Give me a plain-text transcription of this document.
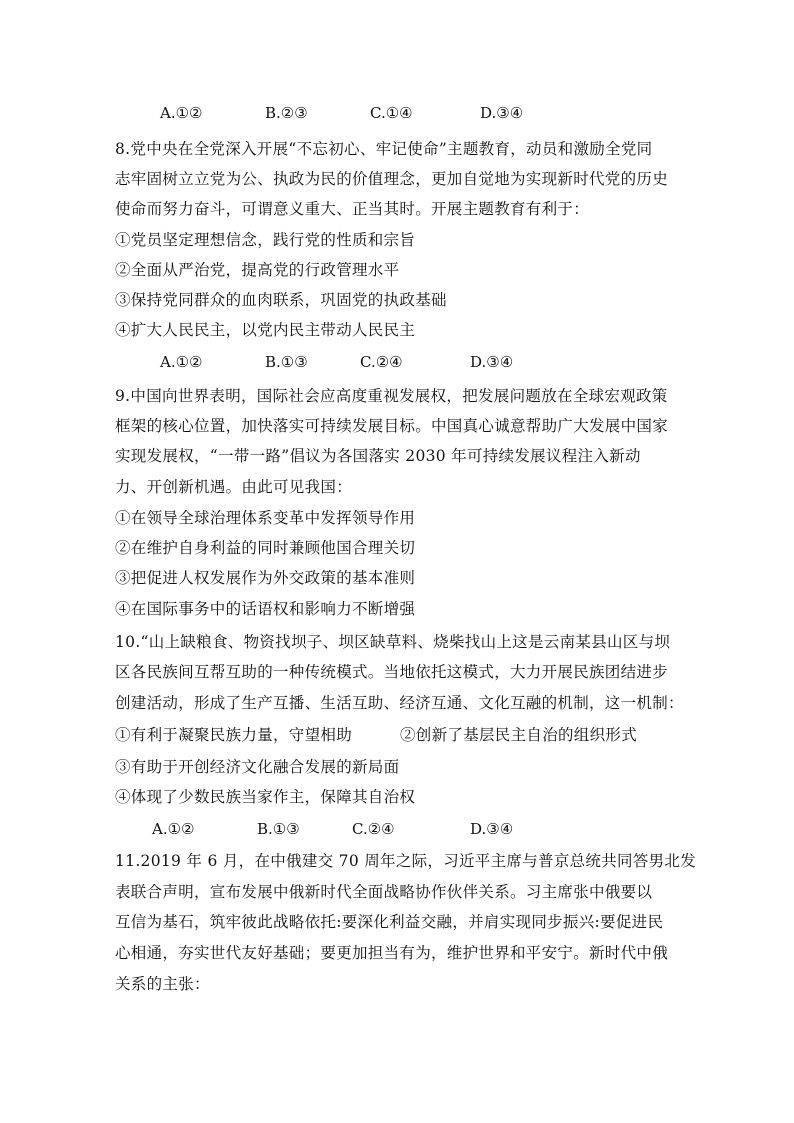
A.①②	B.②③	C.①④	D.③④
8.党中央在全党深入开展“不忘初心、牢记使命”主题教育，动员和激励全党同
志牢固树立立党为公、执政为民的价值理念，更加自觉地为实现新时代党的历史
使命而努力奋斗，可谓意义重大、正当其时。开展主题教育有利于：
①党员坚定理想信念，践行党的性质和宗旨
②全面从严治党，提高党的行政管理水平
③保持党同群众的血肉联系，巩固党的执政基础
④扩大人民民主，以党内民主带动人民民主
A.①②	B.①③	C.②④	D.③④
9.中国向世界表明，国际社会应高度重视发展权，把发展问题放在全球宏观政策
框架的核心位置，加快落实可持续发展目标。中国真心诚意帮助广大发展中国家
实现发展权，“一带一路”倡议为各国落实 2030 年可持续发展议程注入新动
力、开创新机遇。由此可见我国：
①在领导全球治理体系变革中发挥领导作用
②在维护自身利益的同时兼顾他国合理关切
③把促进人权发展作为外交政策的基本准则
④在国际事务中的话语权和影响力不断增强
10.“山上缺粮食、物资找坝子、坝区缺草料、烧柴找山上这是云南某县山区与坝
区各民族间互帮互助的一种传统模式。当地依托这模式，大力开展民族团结进步
创建活动，形成了生产互播、生活互助、经济互通、文化互融的机制，这一机制：
①有利于凝聚民族力量，守望相助	②创新了基层民主自治的组织形式
③有助于开创经济文化融合发展的新局面
④体现了少数民族当家作主，保障其自治权
A.①②	B.①③	C.②④	D.③④
11.2019 年 6 月，在中俄建交 70 周年之际，习近平主席与普京总统共同答男北发
表联合声明，宣布发展中俄新时代全面战略协作伙伴关系。习主席张中俄要以
互信为基石，筑牢彼此战略依托:要深化利益交融，并肩实现同步振兴:要促进民
心相通，夯实世代友好基础；要更加担当有为，维护世界和平安宁。新时代中俄
关系的主张：
